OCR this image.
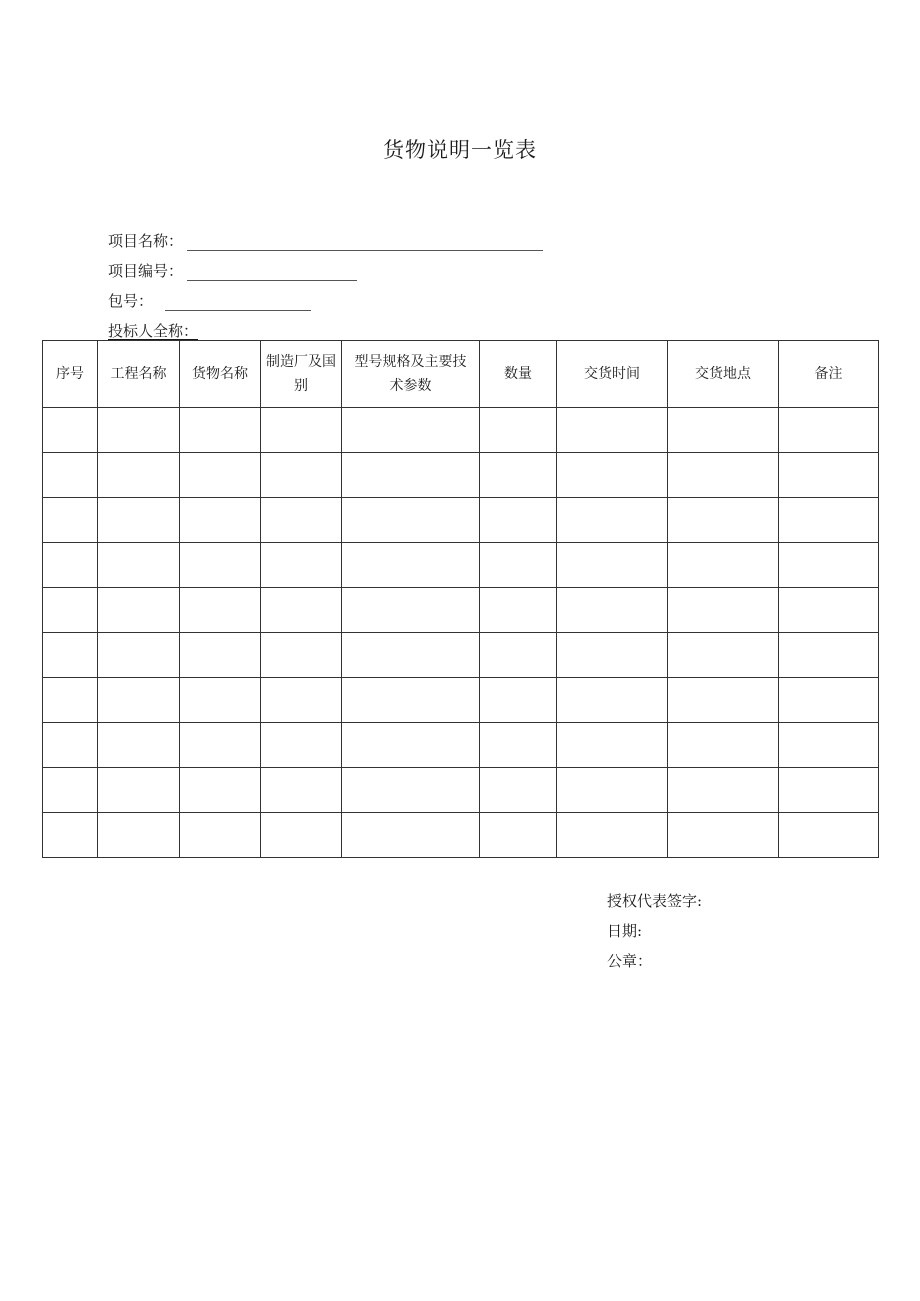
货物说明一览表
项目名称：
项目编号：
包号：
投标人全称：
序号	工程名称	货物名称	制造厂及国别	型号规格及主要技术参数	数量	交货时间	交货地点	备注

授权代表签字:
日期:
公章：
